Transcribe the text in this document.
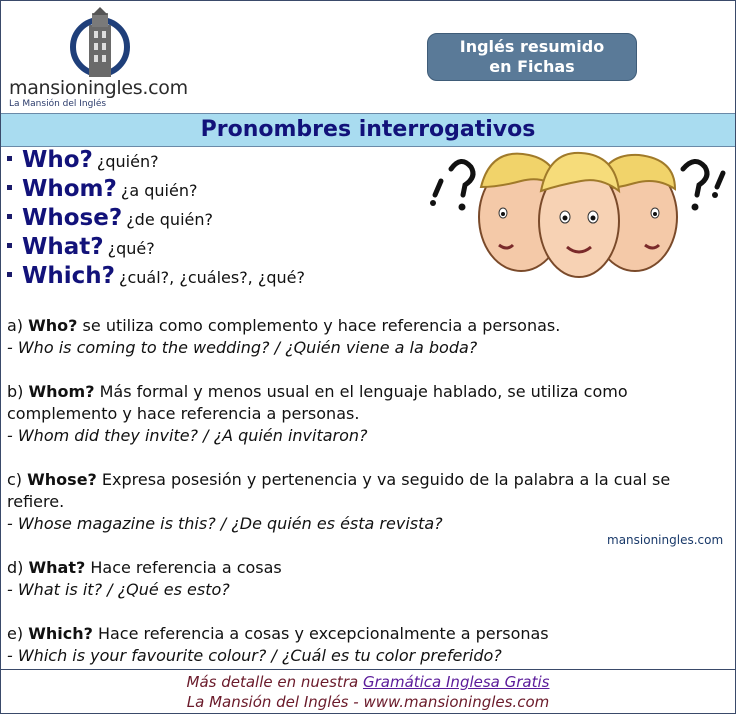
mansioningles.com
La Mansión del Inglés
Inglés resumido
en Fichas
Pronombres interrogativos
Who? ¿quién?
Whom? ¿a quién?
Whose? ¿de quién?
What? ¿qué?
Which? ¿cuál?, ¿cuáles?, ¿qué?
a) Who? se utiliza como complemento y hace referencia a personas.
- Who is coming to the wedding? / ¿Quién viene a la boda?
b) Whom? Más formal y menos usual en el lenguaje hablado, se utiliza como complemento y hace referencia a personas.
- Whom did they invite? / ¿A quién invitaron?
c) Whose? Expresa posesión y pertenencia y va seguido de la palabra a la cual se refiere.
- Whose magazine is this? / ¿De quién es ésta revista?
d) What? Hace referencia a cosas
- What is it? / ¿Qué es esto?
e) Which? Hace referencia a cosas y excepcionalmente a personas
- Which is your favourite colour? / ¿Cuál es tu color preferido?
mansioningles.com
Más detalle en nuestra Gramática Inglesa Gratis
La Mansión del Inglés - www.mansioningles.com
